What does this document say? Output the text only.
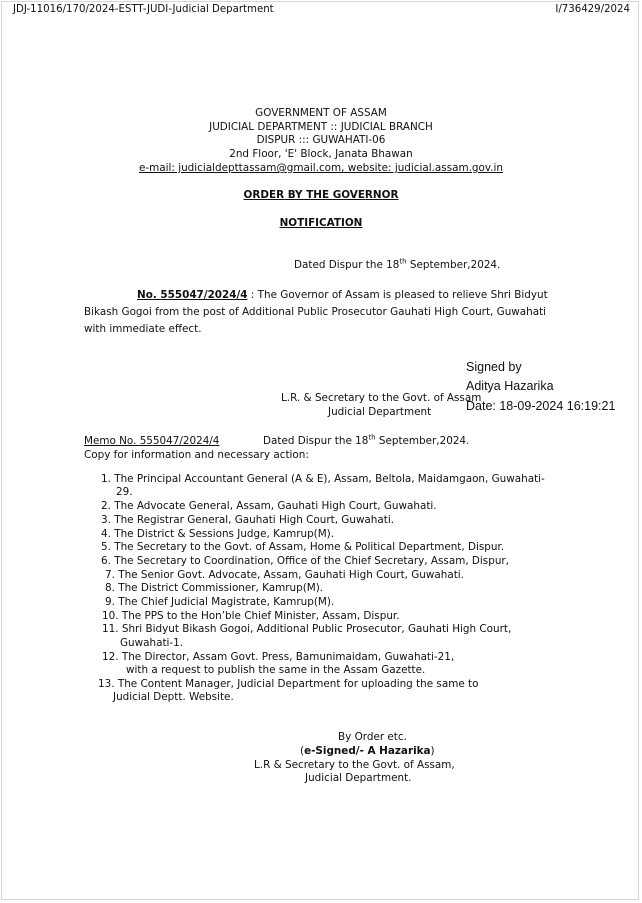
JDJ-11016/170/2024-ESTT-JUDI-Judicial Department	I/736429/2024
GOVERNMENT OF ASSAM
JUDICIAL DEPARTMENT :: JUDICIAL BRANCH
DISPUR ::: GUWAHATI-06
2nd Floor, 'E' Block, Janata Bhawan
e-mail: judicialdepttassam@gmail.com, website: judicial.assam.gov.in
ORDER BY THE GOVERNOR
NOTIFICATION
Dated Dispur the 18th September,2024.
No. 555047/2024/4 : The Governor of Assam is pleased to relieve Shri Bidyut
Bikash Gogoi from the post of Additional Public Prosecutor Gauhati High Court, Guwahati
with immediate effect.
Signed by
Aditya Hazarika
Date: 18-09-2024 16:19:21
L.R. & Secretary to the Govt. of Assam
Judicial Department
Memo No. 555047/2024/4	Dated Dispur the 18th September,2024.
Copy for information and necessary action:
1. The Principal Accountant General (A & E), Assam, Beltola, Maidamgaon, Guwahati-
29.
2. The Advocate General, Assam, Gauhati High Court, Guwahati.
3. The Registrar General, Gauhati High Court, Guwahati.
4. The District & Sessions Judge, Kamrup(M).
5. The Secretary to the Govt. of Assam, Home & Political Department, Dispur.
6. The Secretary to Coordination, Office of the Chief Secretary, Assam, Dispur,
7. The Senior Govt. Advocate, Assam, Gauhati High Court, Guwahati.
8. The District Commissioner, Kamrup(M).
9. The Chief Judicial Magistrate, Kamrup(M).
10. The PPS to the Hon’ble Chief Minister, Assam, Dispur.
11. Shri Bidyut Bikash Gogoi, Additional Public Prosecutor, Gauhati High Court,
Guwahati-1.
12. The Director, Assam Govt. Press, Bamunimaidam, Guwahati-21,
with a request to publish the same in the Assam Gazette.
13. The Content Manager, Judicial Department for uploading the same to
Judicial Deptt. Website.
By Order etc.
(e-Signed/- A Hazarika)
L.R & Secretary to the Govt. of Assam,
Judicial Department.
